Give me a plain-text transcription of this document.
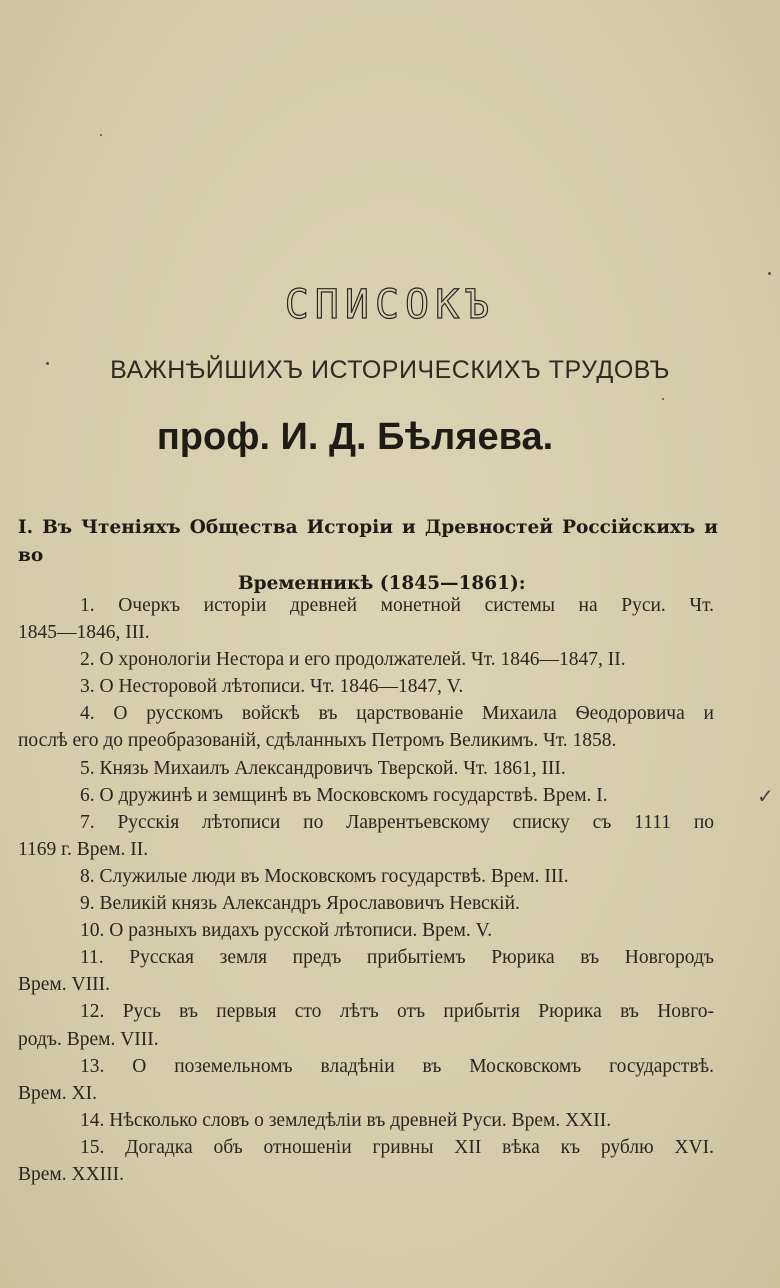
СПИСОКЪ
ВАЖНѢЙШИХЪ ИСТОРИЧЕСКИХЪ ТРУДОВЪ
проф. И. Д. Бѣляева.
I. Въ Чтеніяхъ Общества Исторіи и Древностей Россійскихъ и во
Временникѣ (1845—1861):
1. Очеркъ исторіи древней монетной системы на Руси. Чт.
1845—1846, III.
2. О хронологіи Нестора и его продолжателей. Чт. 1846—1847, II.
3. О Несторовой лѣтописи. Чт. 1846—1847, V.
4. О русскомъ войскѣ въ царствованіе Михаила Ѳеодоровича и
послѣ его до преобразованій, сдѣланныхъ Петромъ Великимъ. Чт. 1858.
5. Князь Михаилъ Александровичъ Тверской. Чт. 1861, III.
6. О дружинѣ и земщинѣ въ Московскомъ государствѣ. Врем. I.
7. Русскія лѣтописи по Лаврентьевскому списку съ 1111 по
1169 г. Врем. II.
8. Служилые люди въ Московскомъ государствѣ. Врем. III.
9. Великій князь Александръ Ярославовичъ Невскій.
10. О разныхъ видахъ русской лѣтописи. Врем. V.
11. Русская земля предъ прибытіемъ Рюрика въ Новгородъ
Врем. VIII.
12. Русь въ первыя сто лѣтъ отъ прибытія Рюрика въ Новго-
родъ. Врем. VIII.
13. О поземельномъ владѣніи въ Московскомъ государствѣ.
Врем. XI.
14. Нѣсколько словъ о земледѣліи въ древней Руси. Врем. XXII.
15. Догадка объ отношеніи гривны XII вѣка къ рублю XVI.
Врем. XXIII.
✓
